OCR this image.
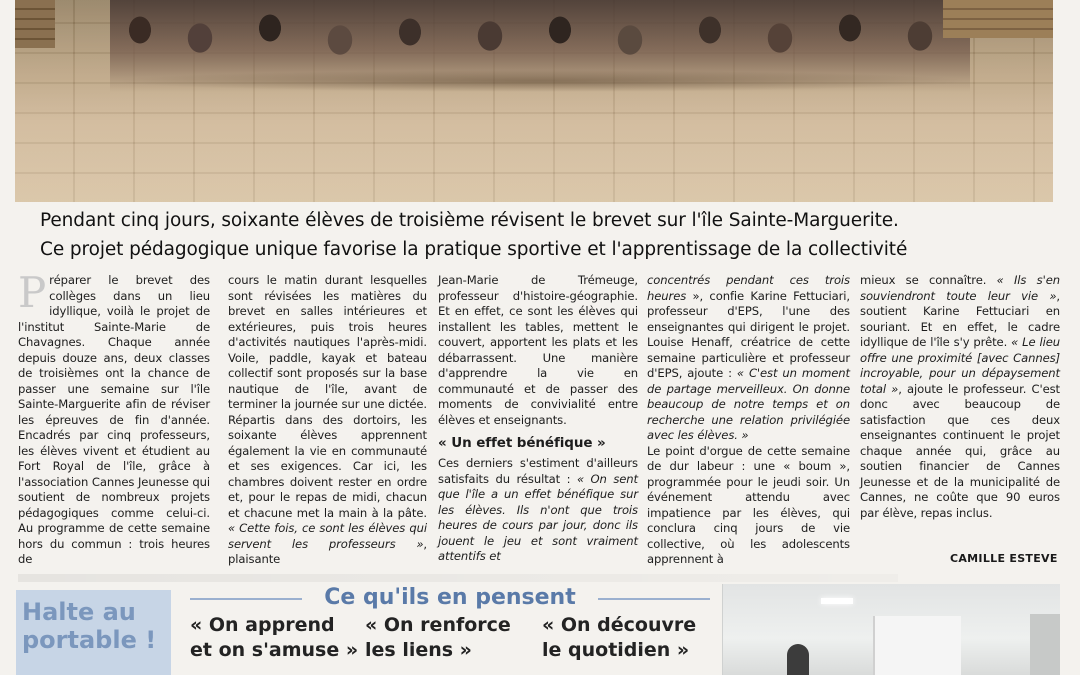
Pendant cinq jours, soixante élèves de troisième révisent le brevet sur l'île Sainte-Marguerite.
Ce projet pédagogique unique favorise la pratique sportive et l'apprentissage de la collectivité

Préparer le brevet des collèges dans un lieu idyllique, voilà le projet de l'institut Sainte-Marie de Chavagnes. Chaque année depuis douze ans, deux classes de troisièmes ont la chance de passer une semaine sur l'île Sainte-Marguerite afin de réviser les épreuves de fin d'année. Encadrés par cinq professeurs, les élèves vivent et étudient au Fort Royal de l'île, grâce à l'association Cannes Jeunesse qui soutient de nombreux projets pédagogiques comme celui-ci. Au programme de cette semaine hors du commun : trois heures de

cours le matin durant lesquelles sont révisées les matières du brevet en salles intérieures et extérieures, puis trois heures d'activités nautiques l'après-midi. Voile, paddle, kayak et bateau collectif sont proposés sur la base nautique de l'île, avant de terminer la journée sur une dictée. Répartis dans des dortoirs, les soixante élèves apprennent également la vie en communauté et ses exigences. Car ici, les chambres doivent rester en ordre et, pour le repas de midi, chacun et chacune met la main à la pâte. « Cette fois, ce sont les élèves qui servent les professeurs », plaisante

Jean-Marie de Trémeuge, professeur d'histoire-géographie. Et en effet, ce sont les élèves qui installent les tables, mettent le couvert, apportent les plats et les débarrassent. Une manière d'apprendre la vie en communauté et de passer des moments de convivialité entre élèves et enseignants.

« Un effet bénéfique »

Ces derniers s'estiment d'ailleurs satisfaits du résultat : « On sent que l'île a un effet bénéfique sur les élèves. Ils n'ont que trois heures de cours par jour, donc ils jouent le jeu et sont vraiment attentifs et

concentrés pendant ces trois heures », confie Karine Fettuciari, professeur d'EPS, l'une des enseignantes qui dirigent le projet. Louise Henaff, créatrice de cette semaine particulière et professeur d'EPS, ajoute : « C'est un moment de partage merveilleux. On donne beaucoup de notre temps et on recherche une relation privilégiée avec les élèves. »

Le point d'orgue de cette semaine de dur labeur : une « boum », programmée pour le jeudi soir. Un événement attendu avec impatience par les élèves, qui conclura cinq jours de vie collective, où les adolescents apprennent à

mieux se connaître. « Ils s'en souviendront toute leur vie », soutient Karine Fettuciari en souriant. Et en effet, le cadre idyllique de l'île s'y prête. « Le lieu offre une proximité [avec Cannes] incroyable, pour un dépaysement total », ajoute le professeur. C'est donc avec beaucoup de satisfaction que ces deux enseignantes continuent le projet chaque année qui, grâce au soutien financier de Cannes Jeunesse et de la municipalité de Cannes, ne coûte que 90 euros par élève, repas inclus.

CAMILLE ESTEVE
Halte au
portable !
Ce qu'ils en pensent
« On apprend
et on s'amuse »
« On renforce
les liens »
« On découvre
le quotidien »
